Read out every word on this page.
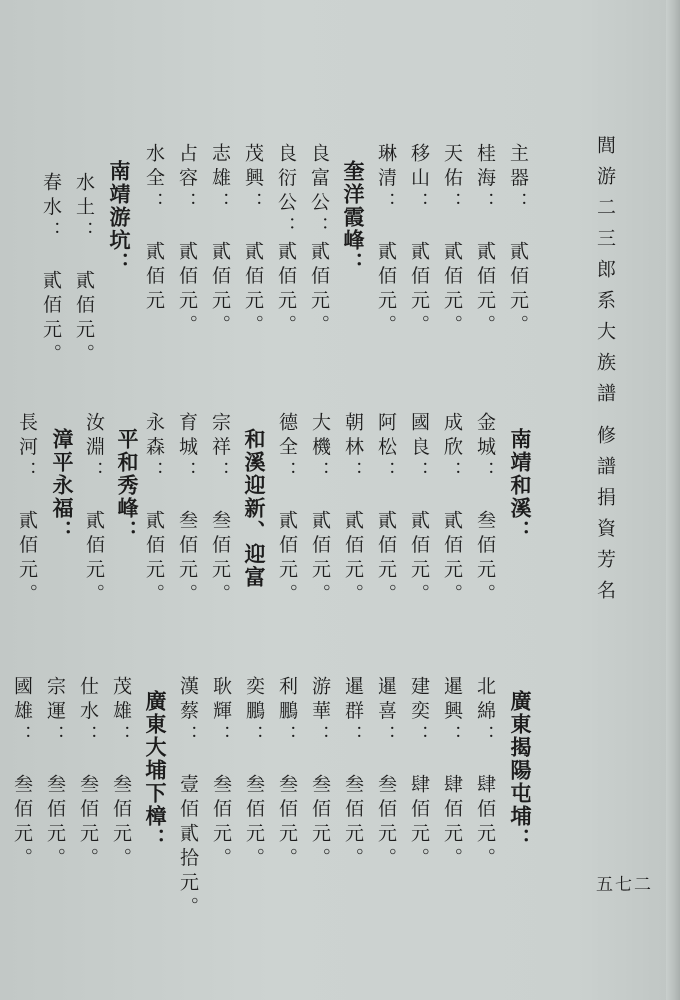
閭游二三郎系大族譜
修譜捐資芳名
五七二
主器：　貳佰元。
桂海：　貳佰元。
天佑：　貳佰元。
移山：　貳佰元。
琳清：　貳佰元。
奎洋霞峰：
良富公：貳佰元。
良衍公：貳佰元。
茂興：　貳佰元。
志雄：　貳佰元。
占容：　貳佰元。
水全：　貳佰元
南靖游坑：
水土：　貳佰元。
春水：　貳佰元。
南靖和溪：
金城：　叁佰元。
成欣：　貳佰元。
國良：　貳佰元。
阿松：　貳佰元。
朝林：　貳佰元。
大機：　貳佰元。
德全：　貳佰元。
和溪迎新、迎富
宗祥：　叁佰元。
育城：　叁佰元。
永森：　貳佰元。
平和秀峰：
汝淵：　貳佰元。
漳平永福：
長河：　貳佰元。
廣東揭陽屯埔：
北綿：　肆佰元。
暹興：　肆佰元。
建奕：　肆佰元。
暹喜：　叁佰元。
暹群：　叁佰元。
游華：　叁佰元。
利鵬：　叁佰元。
奕鵬：　叁佰元。
耿輝：　叁佰元。
漢蔡：　壹佰貳拾元。
廣東大埔下樟：
茂雄：　叁佰元。
仕水：　叁佰元。
宗運：　叁佰元。
國雄：　叁佰元。
